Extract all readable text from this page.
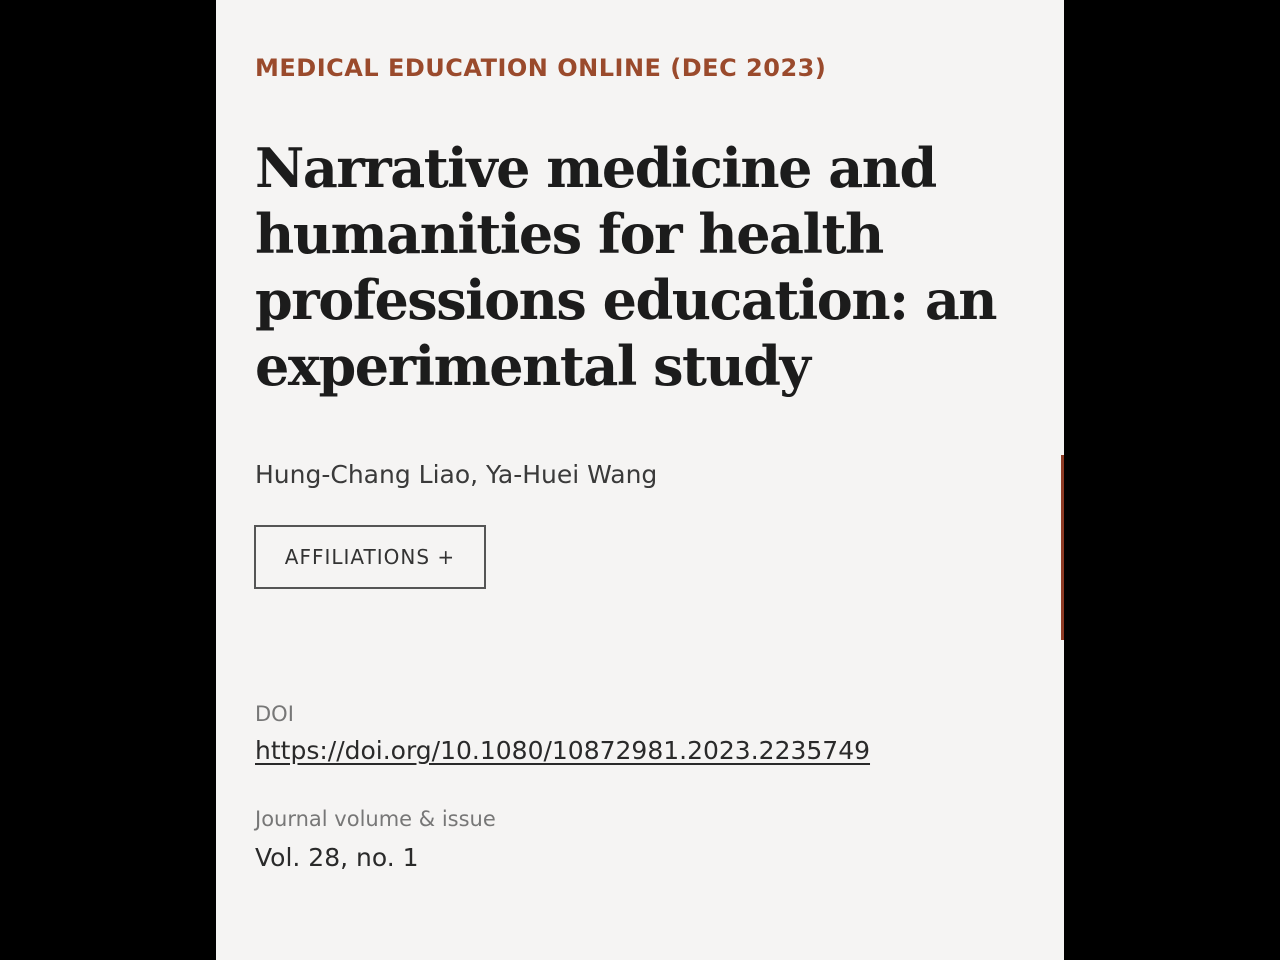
MEDICAL EDUCATION ONLINE (DEC 2023)

Narrative medicine and humanities for health professions education: an experimental study

Hung-Chang Liao, Ya-Huei Wang

AFFILIATIONS +

DOI

https://doi.org/10.1080/10872981.2023.2235749

Journal volume & issue

Vol. 28, no. 1
